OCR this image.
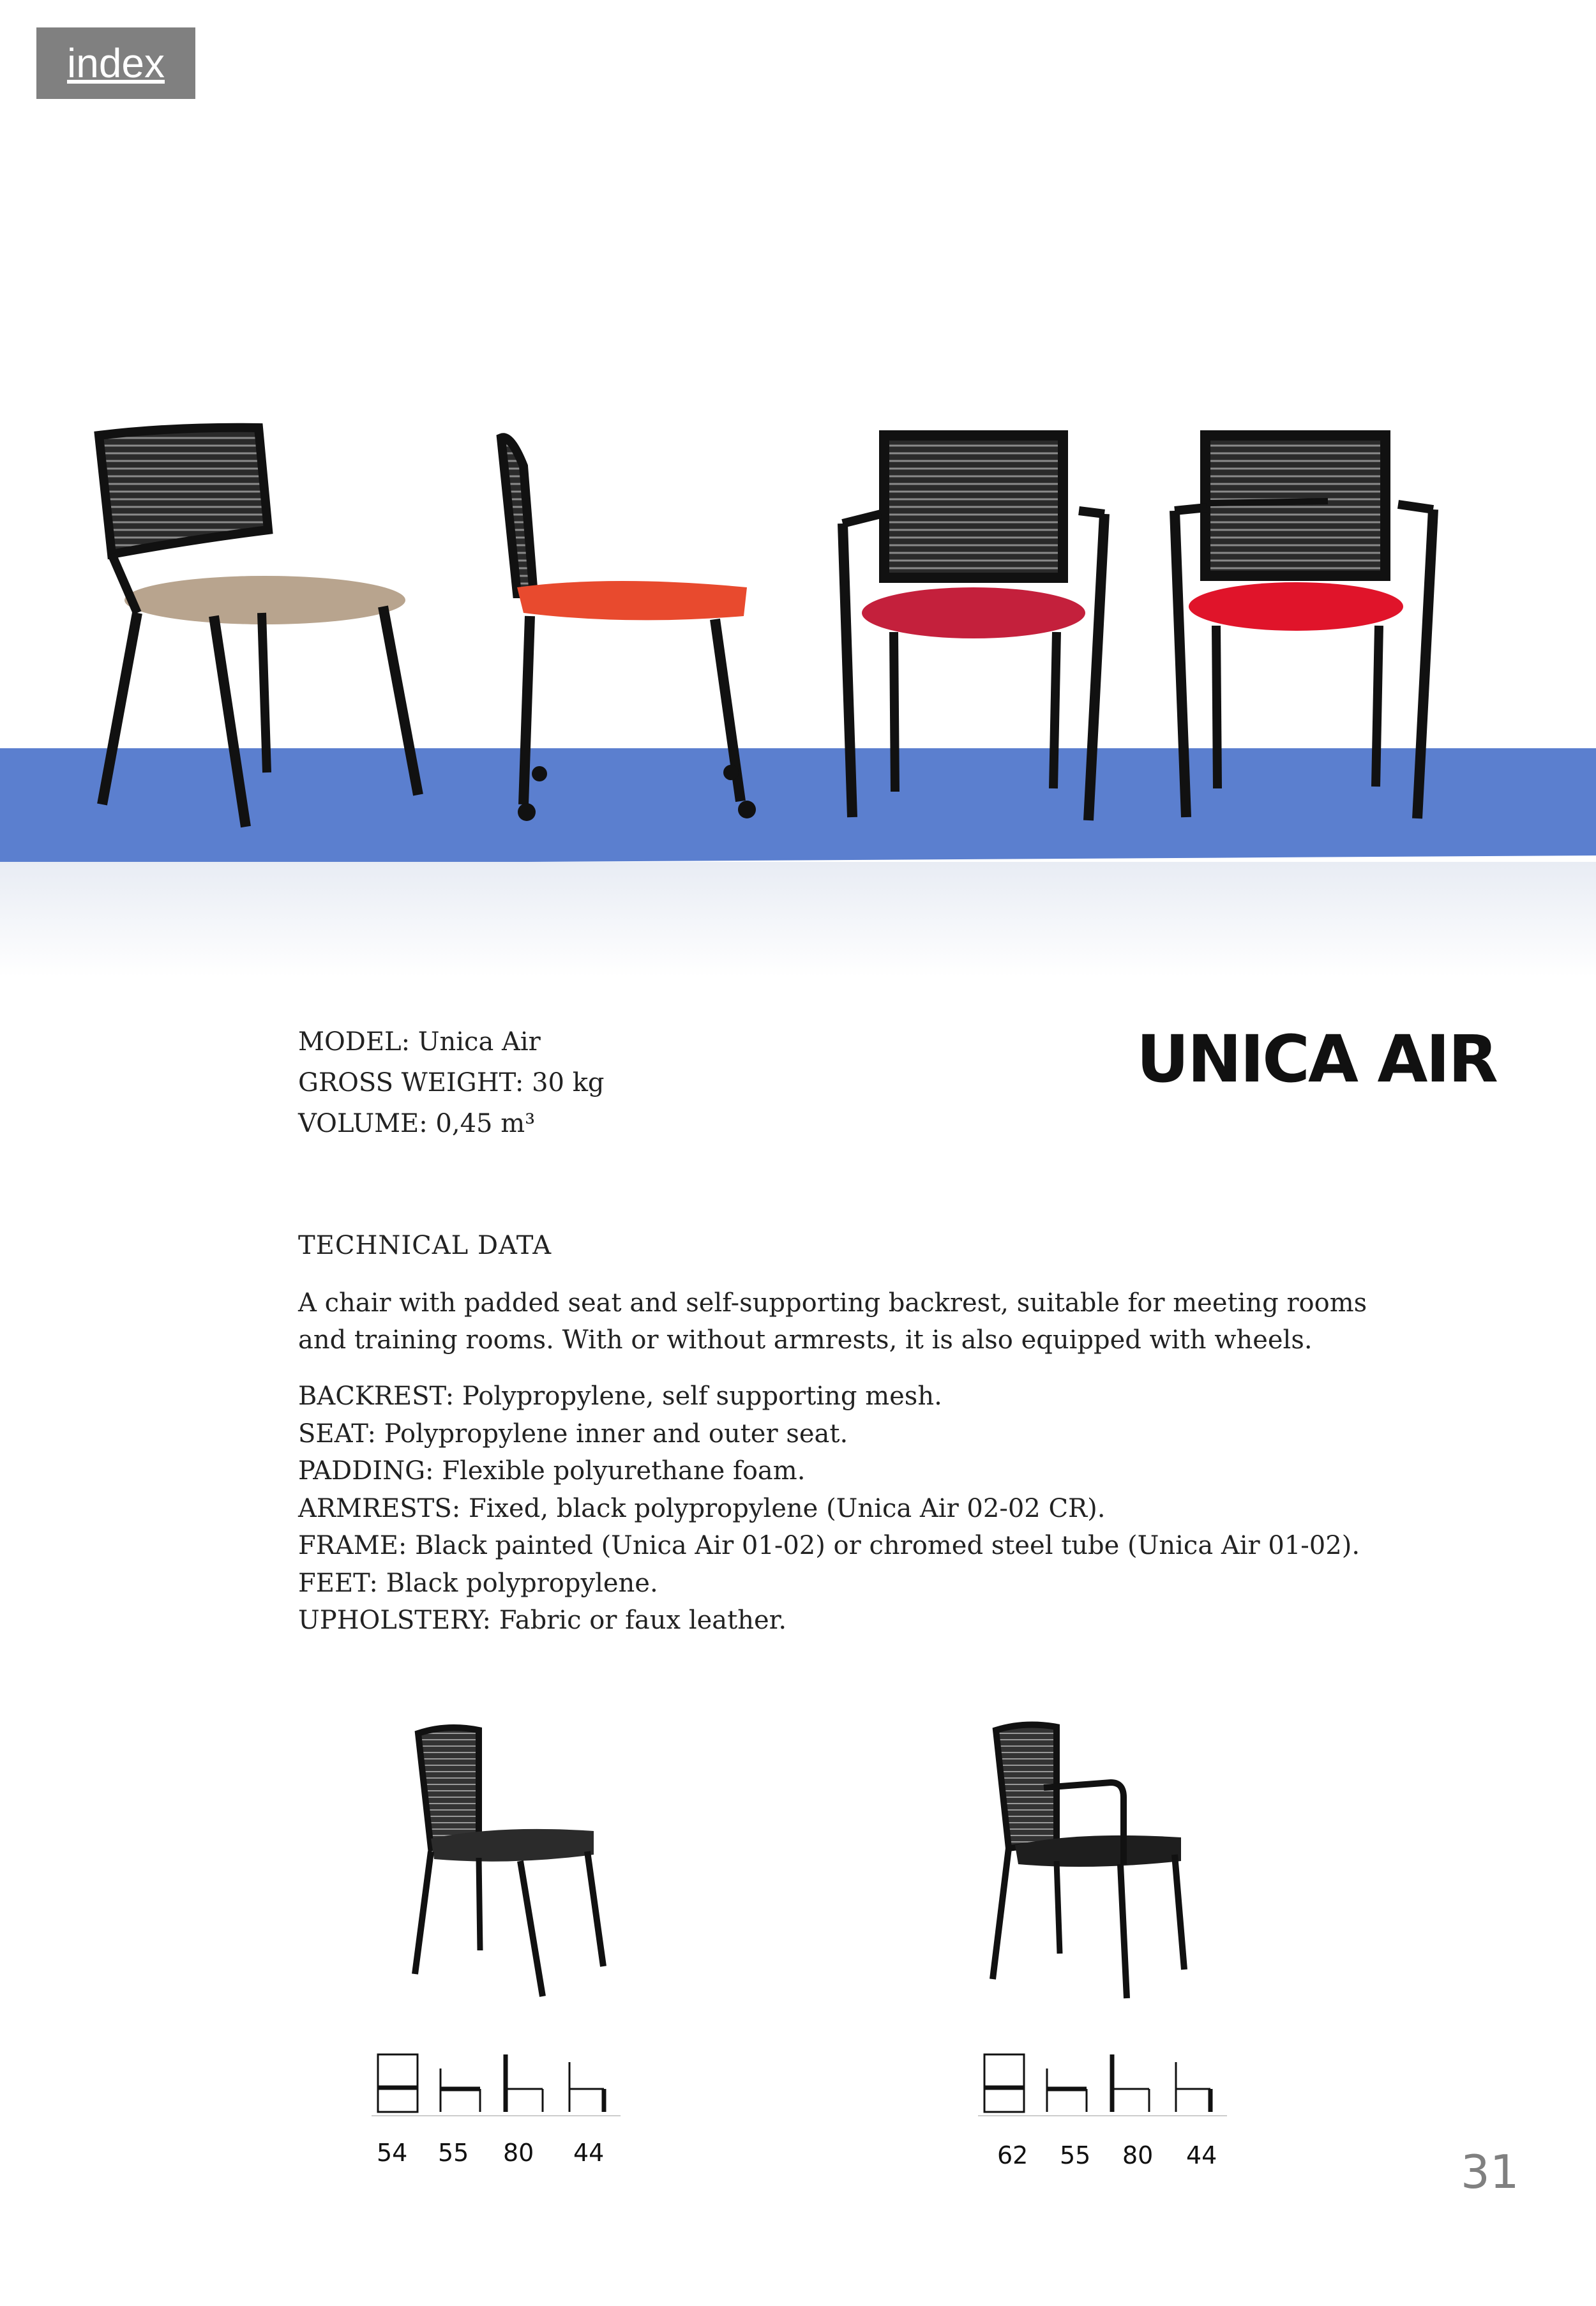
index
MODEL: Unica Air
GROSS WEIGHT: 30 kg
VOLUME: 0,45 m³
UNICA AIR
TECHNICAL DATA
A chair with padded seat and self-supporting backrest, suitable for meeting rooms and training rooms. With or without armrests, it is also equipped with wheels.
BACKREST: Polypropylene, self supporting mesh.
SEAT: Polypropylene inner and outer seat.
PADDING: Flexible polyurethane foam.
ARMRESTS: Fixed, black polypropylene (Unica Air 02-02 CR).
FRAME: Black painted (Unica Air 01-02) or chromed steel tube (Unica Air 01-02).
FEET: Black polypropylene.
UPHOLSTERY: Fabric or faux leather.
54 55 80 44	62 55 80 44	31
